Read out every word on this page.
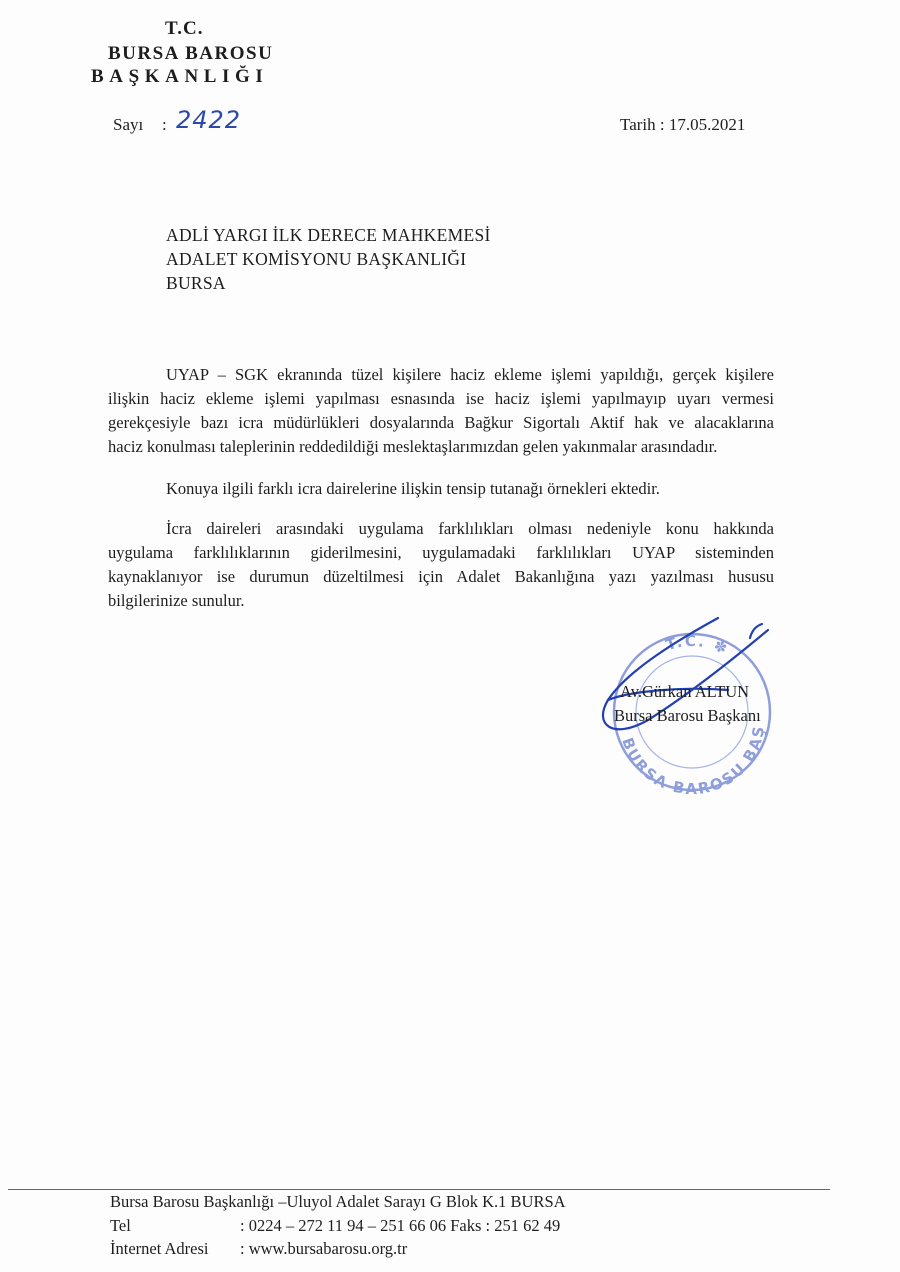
T.C.
BURSA BAROSU
BAŞKANLIĞI
Sayı : 2422	Tarih : 17.05.2021
ADLİ YARGI İLK DERECE MAHKEMESİ
ADALET KOMİSYONU BAŞKANLIĞI
BURSA
UYAP – SGK ekranında tüzel kişilere haciz ekleme işlemi yapıldığı, gerçek kişilere
ilişkin haciz ekleme işlemi yapılması esnasında ise haciz işlemi yapılmayıp uyarı vermesi
gerekçesiyle bazı icra müdürlükleri dosyalarında Bağkur Sigortalı Aktif hak ve alacaklarına
haciz konulması taleplerinin reddedildiği meslektaşlarımızdan gelen yakınmalar arasındadır.
Konuya ilgili farklı icra dairelerine ilişkin tensip tutanağı örnekleri ektedir.
İcra daireleri arasındaki uygulama farklılıkları olması nedeniyle konu hakkında
uygulama farklılıklarının giderilmesini, uygulamadaki farklılıkları UYAP sisteminden
kaynaklanıyor ise durumun düzeltilmesi için Adalet Bakanlığına yazı yazılması hususu
bilgilerinize sunulur.
T.C. ✽
BURSA BAROSU BAŞ
Av.Gürkan ALTUN
Bursa Barosu Başkanı
Bursa Barosu Başkanlığı –Uluyol Adalet Sarayı G Blok K.1 BURSA
Tel	: 0224 – 272 11 94 – 251 66 06 Faks : 251 62 49
İnternet Adresi : www.bursabarosu.org.tr
